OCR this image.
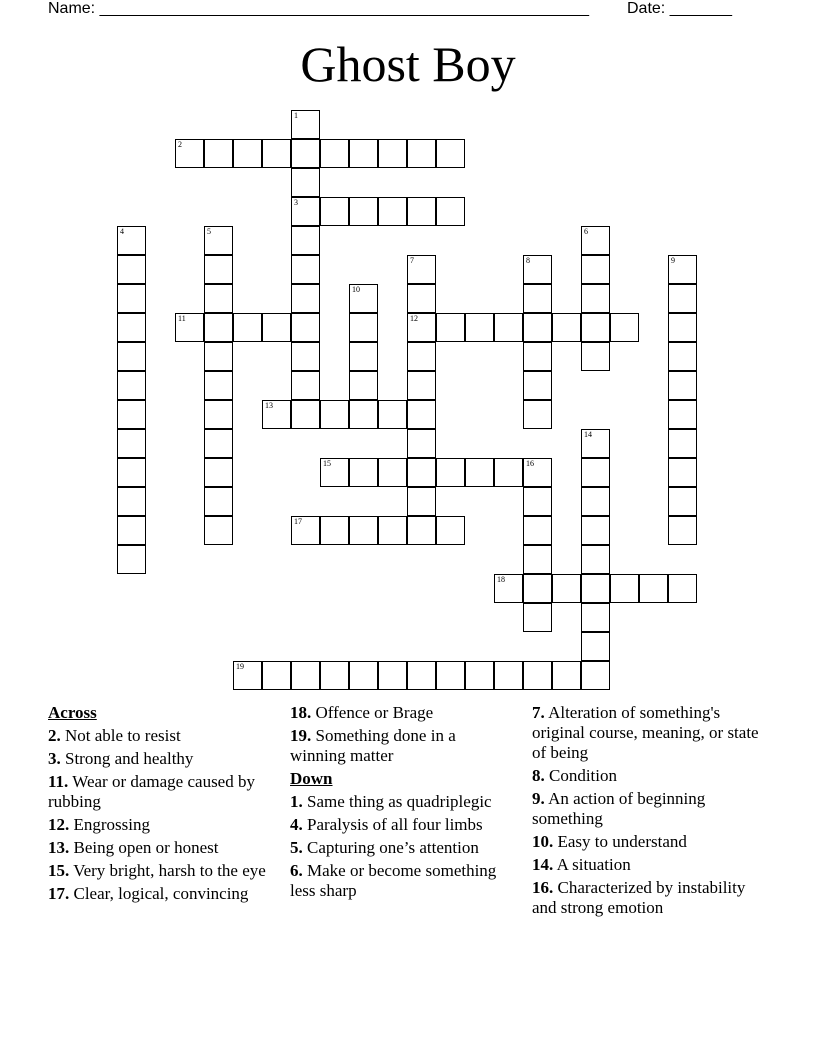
Name: _______________________________________________________ Date: _______
Ghost Boy
1
3
2
4	5	6
7
12
8	9
10
11
13
14
15	16
17
18
19
Across
2. Not able to resist
3. Strong and healthy
11. Wear or damage caused by rubbing
12. Engrossing
13. Being open or honest
15. Very bright, harsh to the eye
17. Clear, logical, convincing
18. Offence or Brage
19. Something done in a winning matter
Down
1. Same thing as quadriplegic
4. Paralysis of all four limbs
5. Capturing one’s attention
6. Make or become something less sharp
7. Alteration of something's original course, meaning, or state of being
8. Condition
9. An action of beginning something
10. Easy to understand
14. A situation
16. Characterized by instability and strong emotion
